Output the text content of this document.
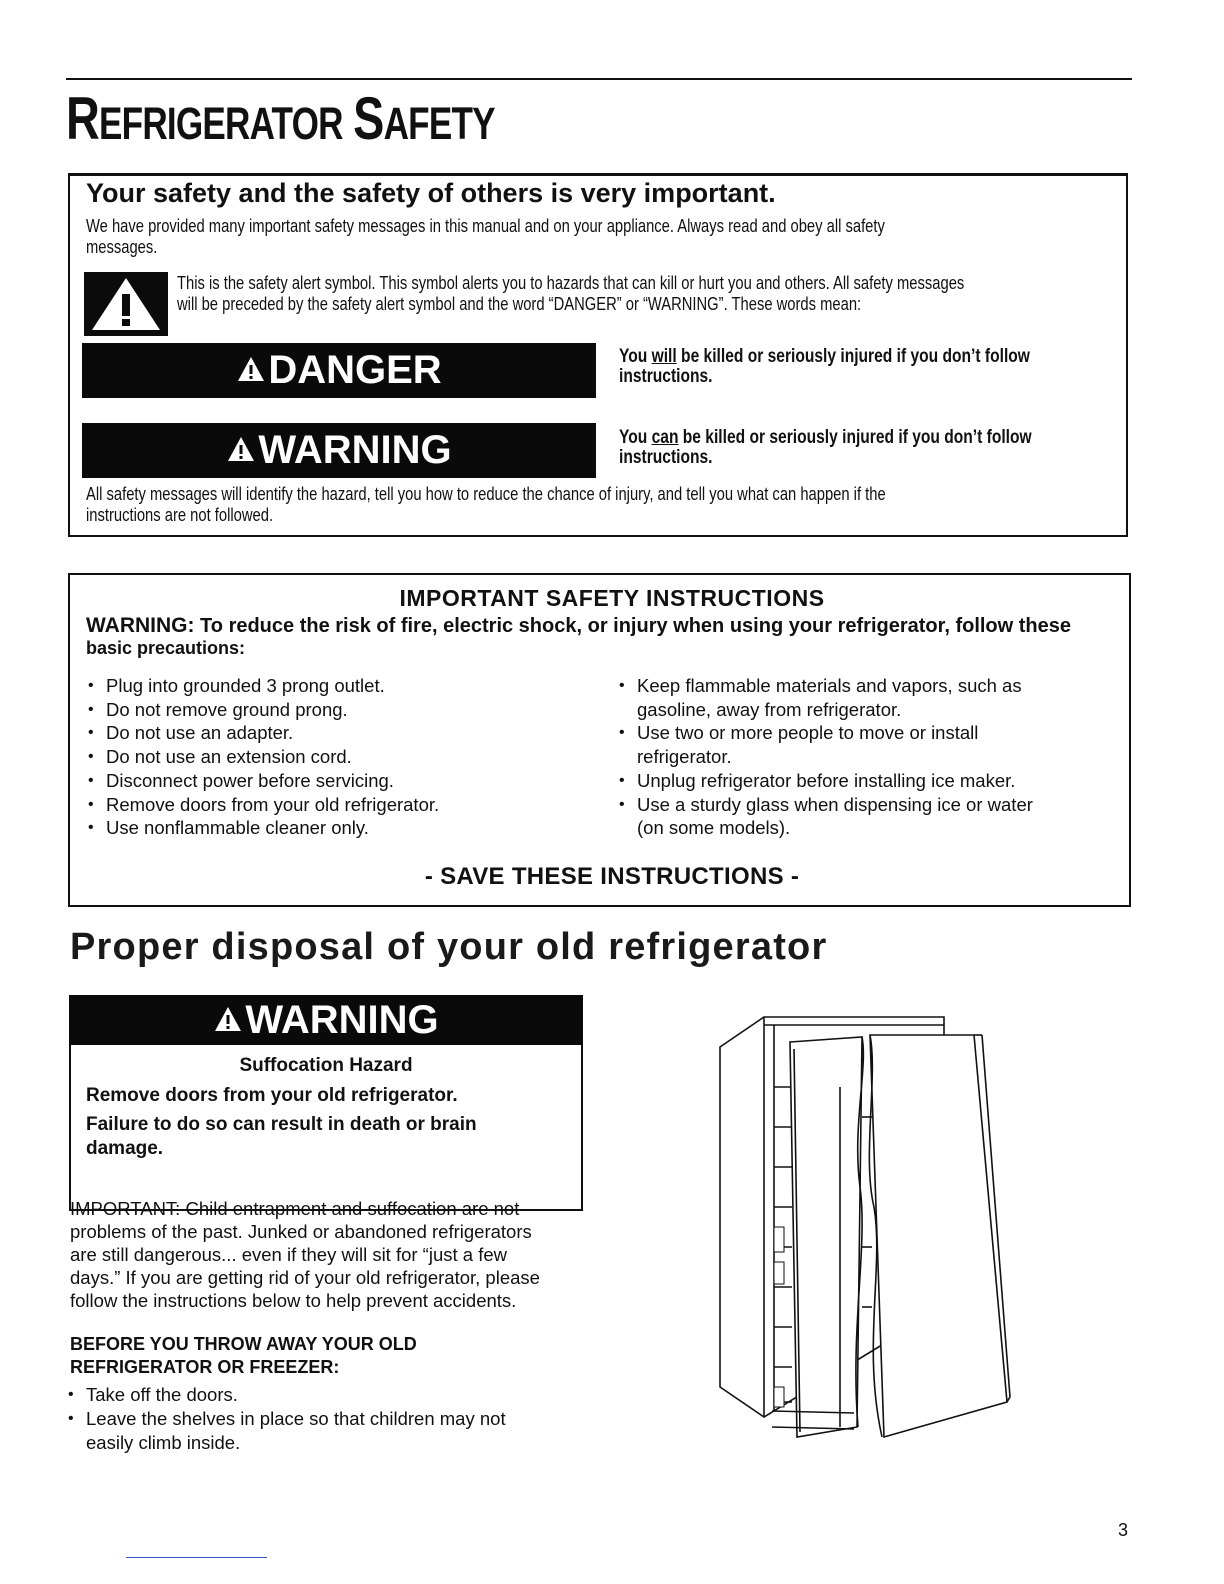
REFRIGERATOR SAFETY
Your safety and the safety of others is very important.
We have provided many important safety messages in this manual and on your appliance. Always read and obey all safety
messages.
This is the safety alert symbol. This symbol alerts you to hazards that can kill or hurt you and others. All safety messages
will be preceded by the safety alert symbol and the word “DANGER” or “WARNING”. These words mean:
DANGER	You will be killed or seriously injured if you don’t follow
instructions.
WARNING	You can be killed or seriously injured if you don’t follow
instructions.
All safety messages will identify the hazard, tell you how to reduce the chance of injury, and tell you what can happen if the
instructions are not followed.
IMPORTANT SAFETY INSTRUCTIONS
WARNING: To reduce the risk of fire, electric shock, or injury when using your refrigerator, follow these
basic precautions:
• Plug into grounded 3 prong outlet.
• Do not remove ground prong.
• Do not use an adapter.
• Do not use an extension cord.
• Disconnect power before servicing.
• Remove doors from your old refrigerator.
• Use nonflammable cleaner only.
• Keep flammable materials and vapors, such as
gasoline, away from refrigerator.
• Use two or more people to move or install
refrigerator.
• Unplug refrigerator before installing ice maker.
• Use a sturdy glass when dispensing ice or water
(on some models).
- SAVE THESE INSTRUCTIONS -
Proper disposal of your old refrigerator
WARNING
Suffocation Hazard
Remove doors from your old refrigerator.
Failure to do so can result in death or brain
damage.
IMPORTANT: Child entrapment and suffocation are not
problems of the past. Junked or abandoned refrigerators
are still dangerous... even if they will sit for “just a few
days.” If you are getting rid of your old refrigerator, please
follow the instructions below to help prevent accidents.
BEFORE YOU THROW AWAY YOUR OLD
REFRIGERATOR OR FREEZER:
• Take off the doors.
• Leave the shelves in place so that children may not
easily climb inside.
3
